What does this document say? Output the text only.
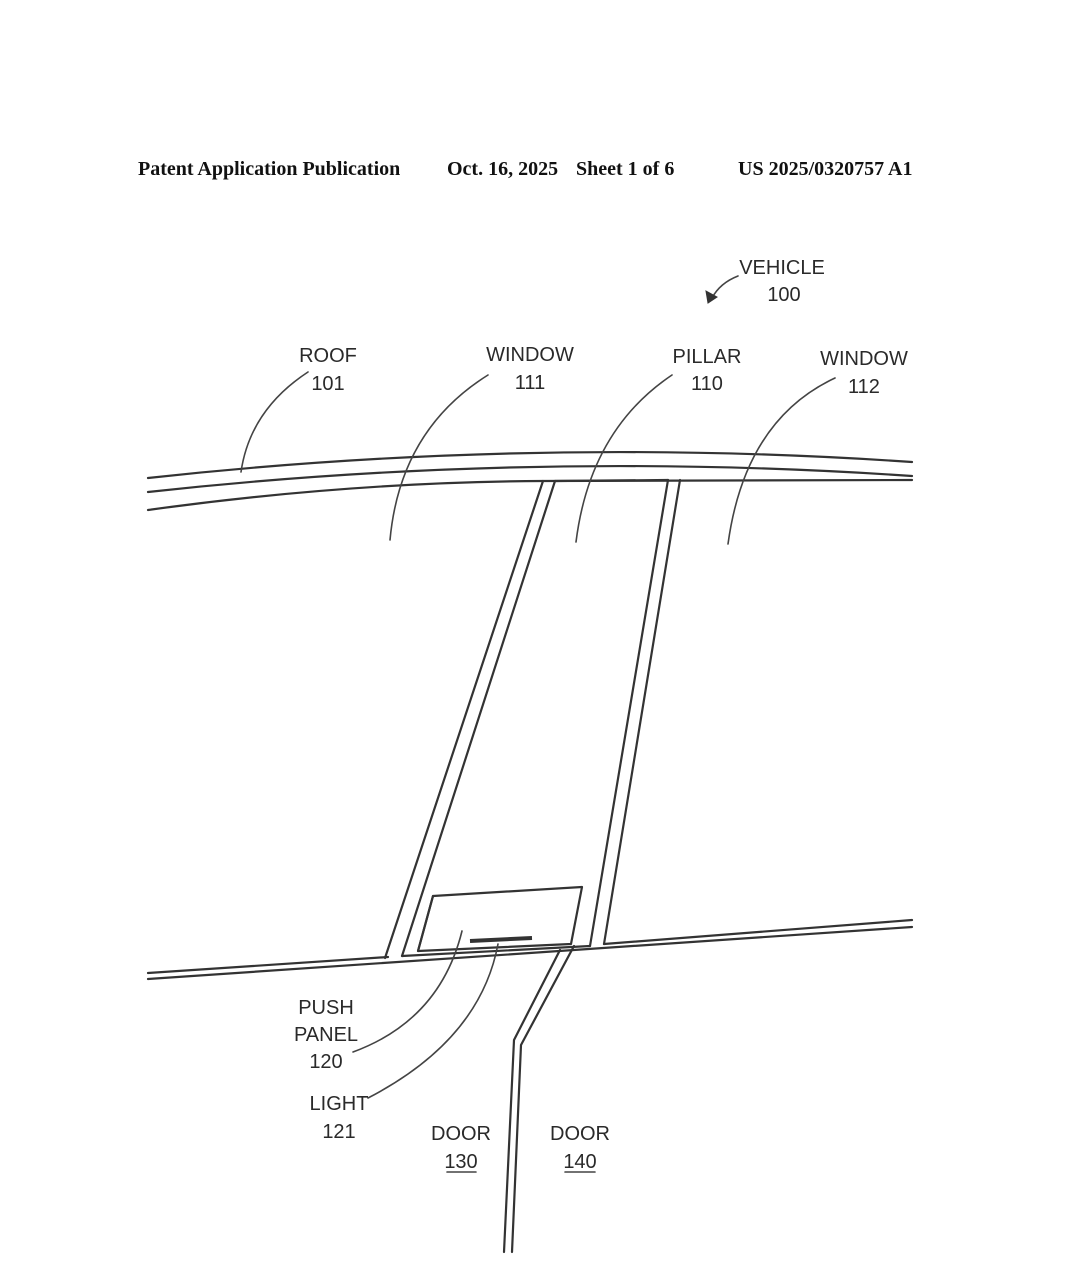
Patent Application Publication Oct. 16, 2025 Sheet 1 of 6	US 2025/0320757 A1
VEHICLE
100
ROOF
101
WINDOW
111
PILLAR
110
WINDOW
112
PUSH
PANEL
120
LIGHT
121	DOOR
130
DOOR
140
